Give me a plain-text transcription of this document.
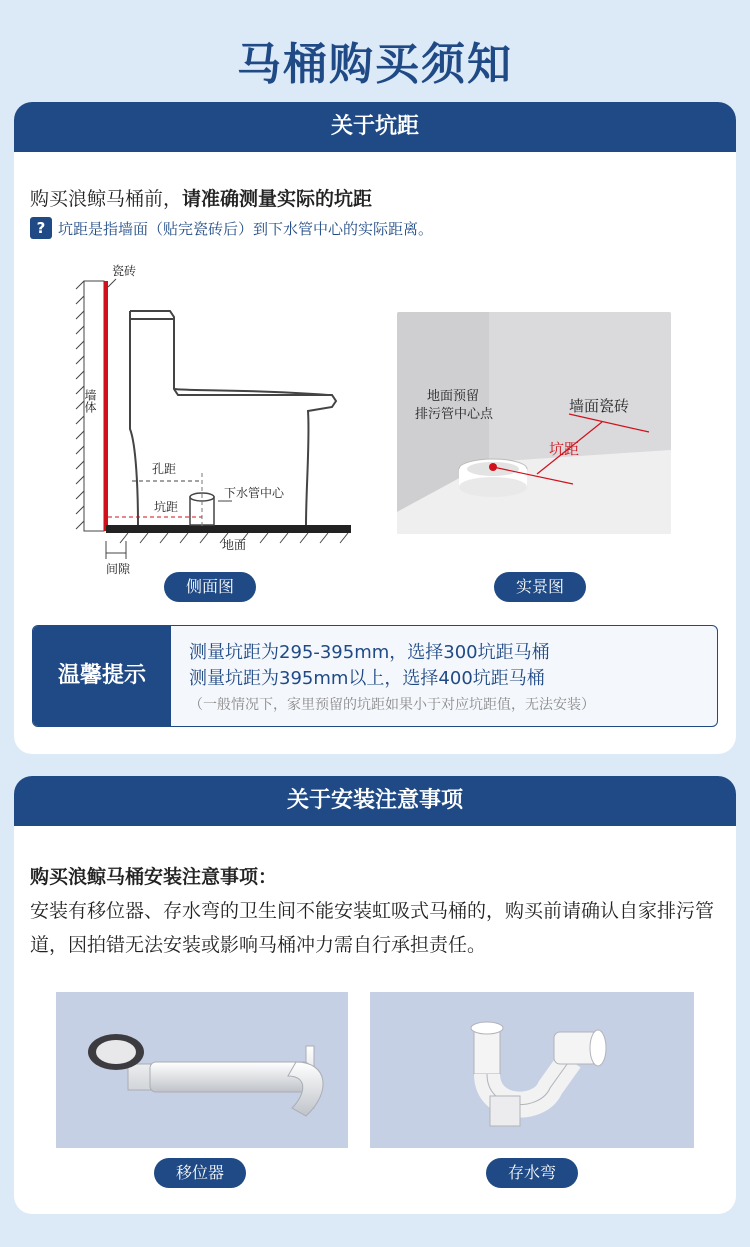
马桶购买须知
关于坑距
购买浪鲸马桶前，请准确测量实际的坑距
? 坑距是指墙面（贴完瓷砖后）到下水管中心的实际距离。
瓷砖
墙体
孔距
坑距
下水管中心
地面
间隙
墙面瓷砖
地面预留
排污管中心点
坑距
侧面图	实景图
温馨提示
测量坑距为295-395mm，选择300坑距马桶
测量坑距为395mm以上，选择400坑距马桶
（一般情况下，家里预留的坑距如果小于对应坑距值，无法安装）
关于安装注意事项
购买浪鲸马桶安装注意事项：
安装有移位器、存水弯的卫生间不能安装虹吸式马桶的，购买前请确认自家排污管道，因拍错无法安装或影响马桶冲力需自行承担责任。
移位器	存水弯
